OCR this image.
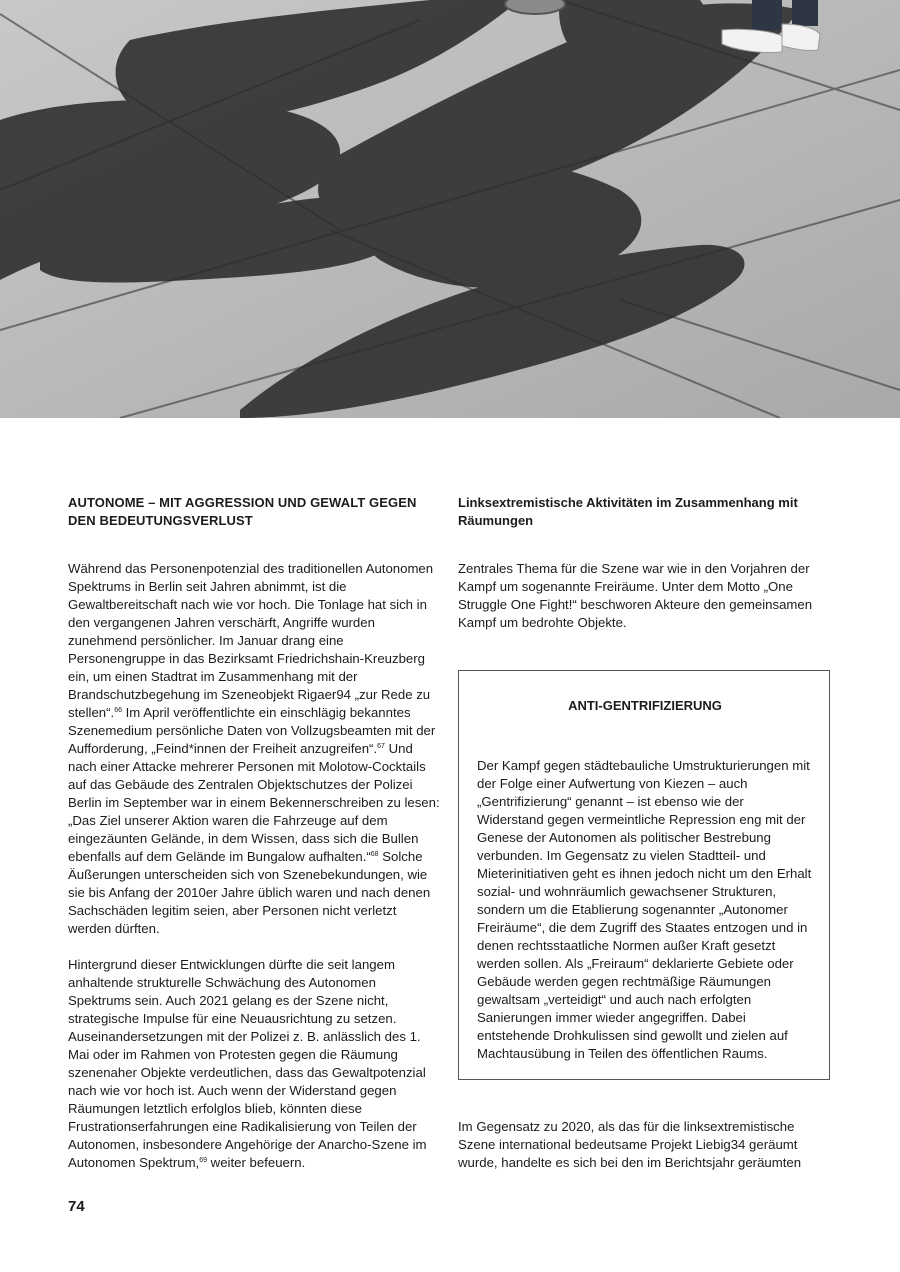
AUTONOME – MIT AGGRESSION UND GEWALT GEGEN DEN BEDEUTUNGSVERLUST

Während das Personenpotenzial des traditionellen Autonomen Spektrums in Berlin seit Jahren abnimmt, ist die Gewaltbereitschaft nach wie vor hoch. Die Tonlage hat sich in den vergangenen Jahren verschärft, Angriffe wurden zunehmend persönlicher. Im Januar drang eine Personengruppe in das Bezirksamt Friedrichshain-Kreuzberg ein, um einen Stadtrat im Zusammenhang mit der Brandschutzbegehung im Szeneobjekt Rigaer94 „zur Rede zu stellen“.$^{66}$ Im April veröffentlichte ein einschlägig bekanntes Szenemedium persönliche Daten von Vollzugsbeamten mit der Aufforderung, „Feind*innen der Freiheit anzugreifen“.$^{67}$ Und nach einer Attacke mehrerer Personen mit Molotow-Cocktails auf das Gebäude des Zentralen Objektschutzes der Polizei Berlin im September war in einem Bekennerschreiben zu lesen: „Das Ziel unserer Aktion waren die Fahrzeuge auf dem eingezäunten Gelände, in dem Wissen, dass sich die Bullen ebenfalls auf dem Gelände im Bungalow aufhalten.“$^{68}$ Solche Äußerungen unterscheiden sich von Szenebekundungen, wie sie bis Anfang der 2010er Jahre üblich waren und nach denen Sachschäden legitim seien, aber Personen nicht verletzt werden dürften.

Hintergrund dieser Entwicklungen dürfte die seit langem anhaltende strukturelle Schwächung des Autonomen Spektrums sein. Auch 2021 gelang es der Szene nicht, strategische Impulse für eine Neuausrichtung zu setzen. Auseinandersetzungen mit der Polizei z. B. anlässlich des 1. Mai oder im Rahmen von Protesten gegen die Räumung szenenaher Objekte verdeutlichen, dass das Gewaltpotenzial nach wie vor hoch ist. Auch wenn der Widerstand gegen Räumungen letztlich erfolglos blieb, könnten diese Frustrationserfahrungen eine Radikalisierung von Teilen der Autonomen, insbesondere Angehörige der Anarcho-Szene im Autonomen Spektrum,$^{69}$ weiter befeuern.

Linksextremistische Aktivitäten im Zusammenhang mit Räumungen

Zentrales Thema für die Szene war wie in den Vorjahren der Kampf um sogenannte Freiräume. Unter dem Motto „One Struggle One Fight!“ beschworen Akteure den gemeinsamen Kampf um bedrohte Objekte.

ANTI-GENTRIFIZIERUNG

Der Kampf gegen städtebauliche Umstrukturierungen mit der Folge einer Aufwertung von Kiezen – auch „Gentrifizierung“ genannt – ist ebenso wie der Widerstand gegen vermeintliche Repression eng mit der Genese der Autonomen als politischer Bestrebung verbunden. Im Gegensatz zu vielen Stadtteil- und Mieterinitiativen geht es ihnen jedoch nicht um den Erhalt sozial- und wohnräumlich gewachsener Strukturen, sondern um die Etablierung sogenannter „Autonomer Freiräume“, die dem Zugriff des Staates entzogen und in denen rechtsstaatliche Normen außer Kraft gesetzt werden sollen. Als „Freiraum“ deklarierte Gebiete oder Gebäude werden gegen rechtmäßige Räumungen gewaltsam „verteidigt“ und auch nach erfolgten Sanierungen immer wieder angegriffen. Dabei entstehende Drohkulissen sind gewollt und zielen auf Machtausübung in Teilen des öffentlichen Raums.

Im Gegensatz zu 2020, als das für die linksextremistische Szene international bedeutsame Projekt Liebig34 geräumt wurde, handelte es sich bei den im Berichtsjahr geräumten

74
